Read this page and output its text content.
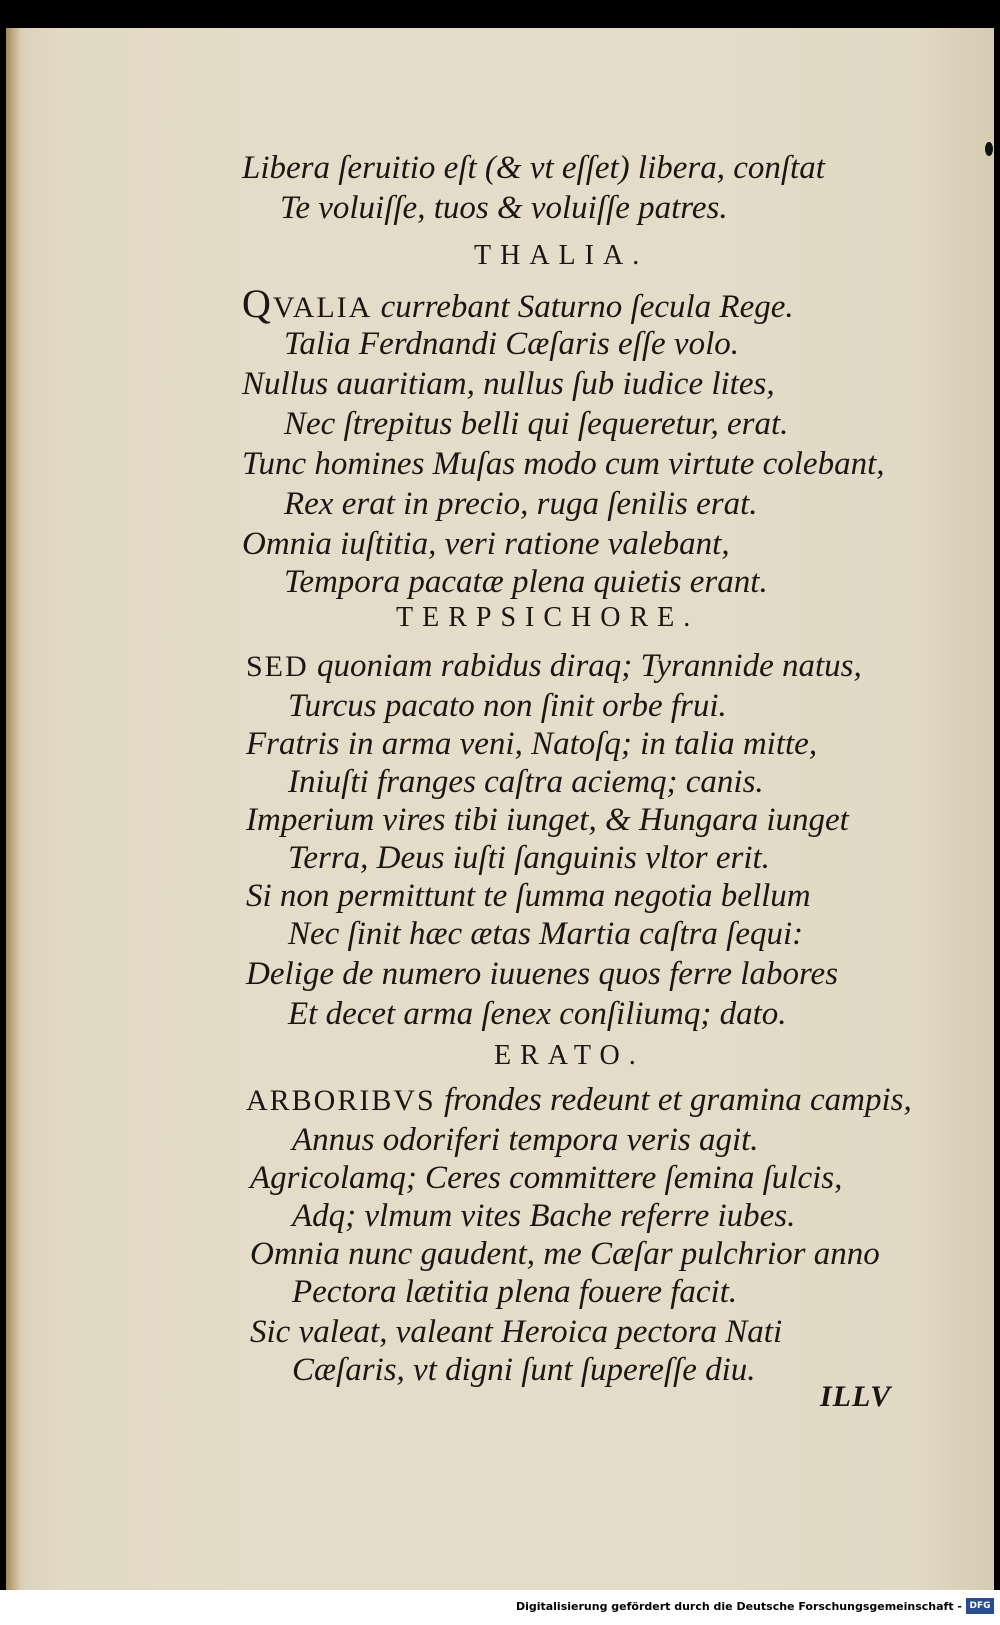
Libera ſeruitio eſt (& vt eſſet) libera, conſtat
Te voluiſſe, tuos & voluiſſe patres.
THALIA.
QVALIA currebant Saturno ſecula Rege.
Talia Ferdnandi Cæſaris eſſe volo.
Nullus auaritiam, nullus ſub iudice lites,
Nec ſtrepitus belli qui ſequeretur, erat.
Tunc homines Muſas modo cum virtute colebant,
Rex erat in precio, ruga ſenilis erat.
Omnia iuſtitia, veri ratione valebant,
Tempora pacatæ plena quietis erant.
TERPSICHORE.
SED quoniam rabidus diraq; Tyrannide natus,
Turcus pacato non ſinit orbe frui.
Fratris in arma veni, Natoſq; in talia mitte,
Iniuſti franges caſtra aciemq; canis.
Imperium vires tibi iunget, & Hungara iunget
Terra, Deus iuſti ſanguinis vltor erit.
Si non permittunt te ſumma negotia bellum
Nec ſinit hæc ætas Martia caſtra ſequi:
Delige de numero iuuenes quos ferre labores
Et decet arma ſenex conſiliumq; dato.
ERATO.
ARBORIBVS frondes redeunt et gramina campis,
Annus odoriferi tempora veris agit.
Agricolamq; Ceres committere ſemina ſulcis,
Adq; vlmum vites Bache referre iubes.
Omnia nunc gaudent, me Cæſar pulchrior anno
Pectora lætitia plena fouere facit.
Sic valeat, valeant Heroica pectora Nati
Cæſaris, vt digni ſunt ſupereſſe diu.
ILLV
Digitalisierung gefördert durch die Deutsche Forschungsgemeinschaft - DFG
